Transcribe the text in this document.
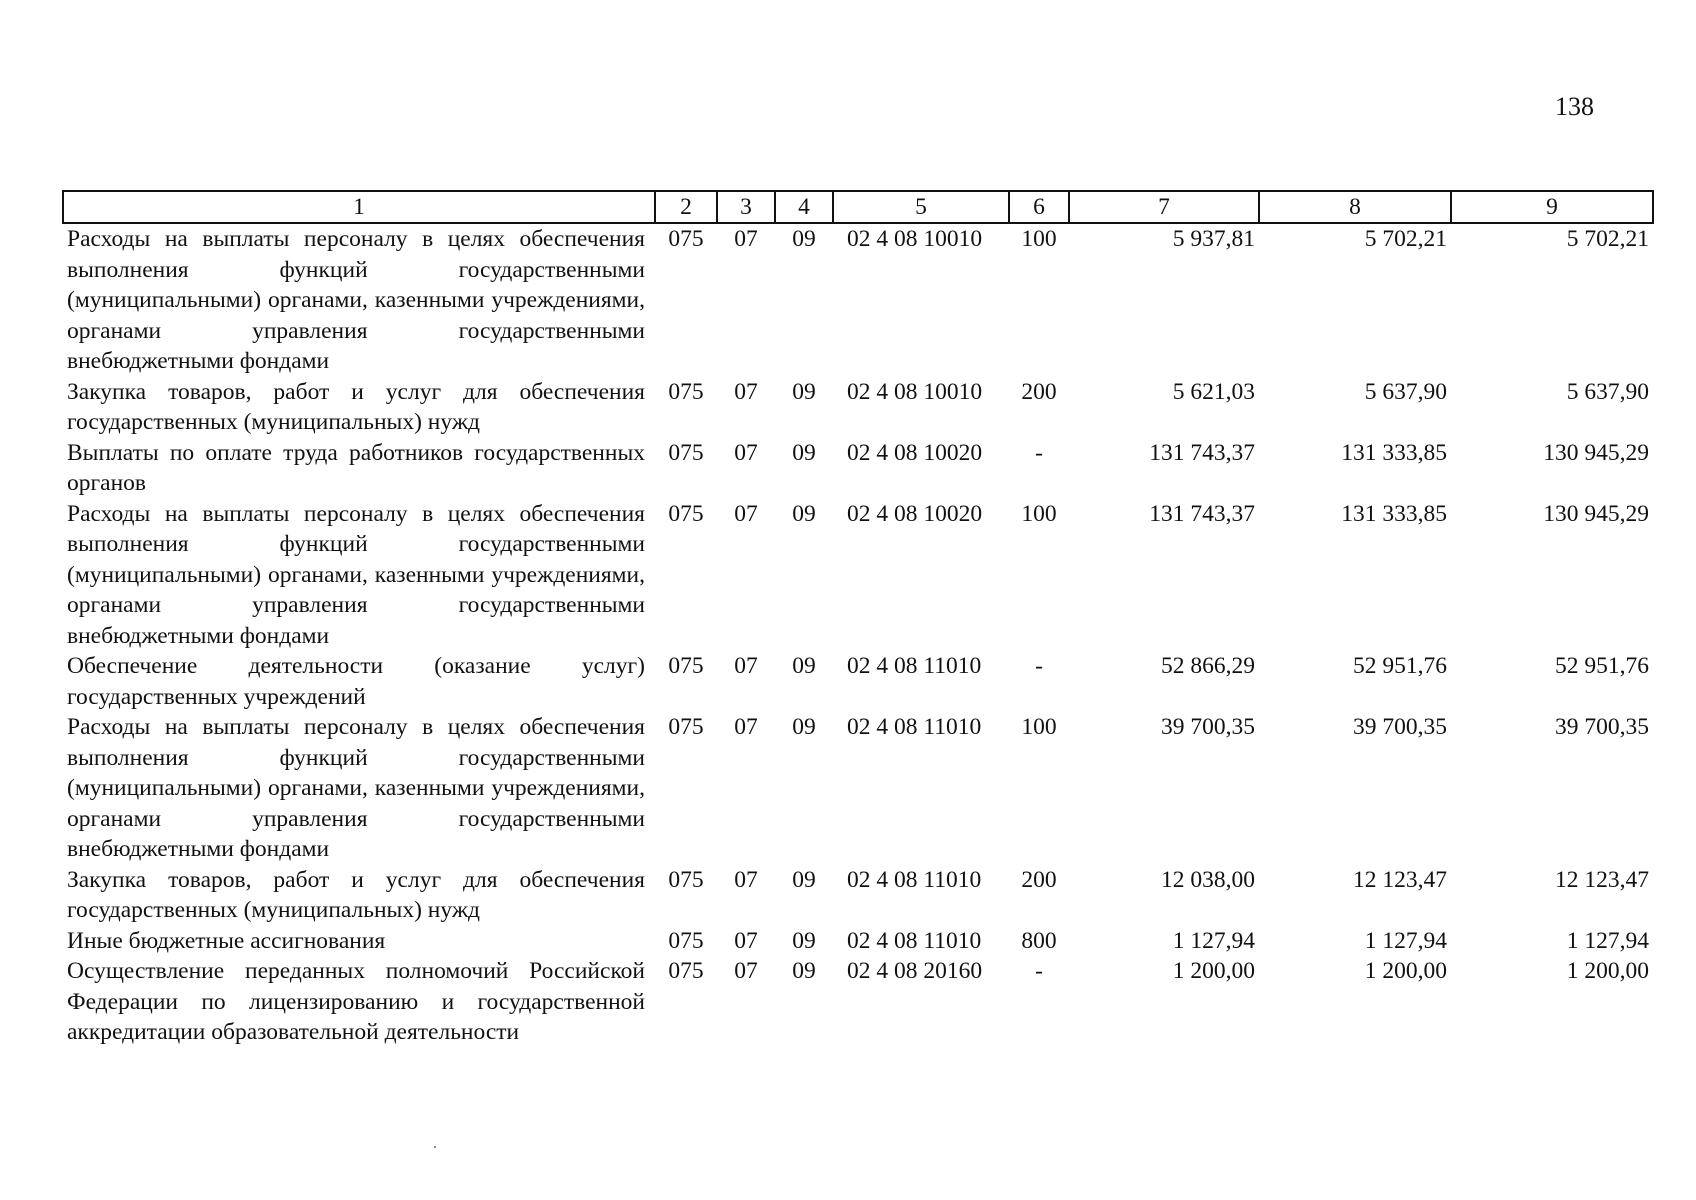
138
1	2	3	4	5	6	7	8	9
Расходы на выплаты персоналу в целях обеспечения выполнения функций государственными (муниципальными) органами, казенными учреждениями, органами управления государственными внебюджетными фондами	075	07	09	02 4 08 10010	100	5 937,81	5 702,21	5 702,21
Закупка товаров, работ и услуг для обеспечения государственных (муниципальных) нужд	075	07	09	02 4 08 10010	200	5 621,03	5 637,90	5 637,90
Выплаты по оплате труда работников государственных органов	075	07	09	02 4 08 10020	-	131 743,37	131 333,85	130 945,29
Расходы на выплаты персоналу в целях обеспечения выполнения функций государственными (муниципальными) органами, казенными учреждениями, органами управления государственными внебюджетными фондами	075	07	09	02 4 08 10020	100	131 743,37	131 333,85	130 945,29
Обеспечение деятельности (оказание услуг) государственных учреждений	075	07	09	02 4 08 11010	-	52 866,29	52 951,76	52 951,76
Расходы на выплаты персоналу в целях обеспечения выполнения функций государственными (муниципальными) органами, казенными учреждениями, органами управления государственными внебюджетными фондами	075	07	09	02 4 08 11010	100	39 700,35	39 700,35	39 700,35
Закупка товаров, работ и услуг для обеспечения государственных (муниципальных) нужд	075	07	09	02 4 08 11010	200	12 038,00	12 123,47	12 123,47
Иные бюджетные ассигнования	075	07	09	02 4 08 11010	800	1 127,94	1 127,94	1 127,94
Осуществление переданных полномочий Российской Федерации по лицензированию и государственной аккредитации образовательной деятельности	075	07	09	02 4 08 20160	-	1 200,00	1 200,00	1 200,00
